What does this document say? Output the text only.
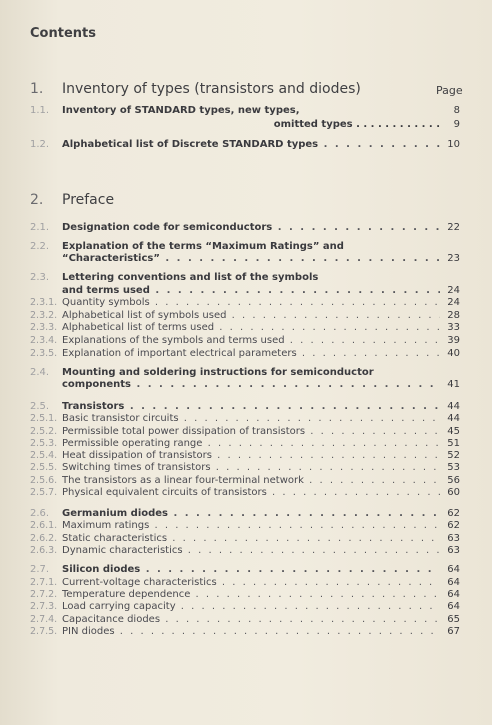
Contents
Page
1. Inventory of types (transistors and diodes)
2. Preface
1.1.	Inventory of STANDARD types, new types,	8
omitted types . . . . . . . . . . . .	9
1.2.	Alphabetical list of Discrete STANDARD types . . .	10
2.1.	Designation code for semiconductors . . .	22
2.2.	Explanation of the terms “Maximum Ratings” and
“Characteristics” . . .	23
2.3.	Lettering conventions and list of the symbols
and terms used . . .	24
2.3.1. Quantity symbols . . .	24
2.3.2. Alphabetical list of symbols used . . .	28
2.3.3. Alphabetical list of terms used . . .	33
2.3.4. Explanations of the symbols and terms used . . .	39
2.3.5. Explanation of important electrical parameters . . .	40
2.4.	Mounting and soldering instructions for semiconductor
components . . .	41
2.5.	Transistors . . .	44
2.5.1. Basic transistor circuits . . .	44
2.5.2. Permissible total power dissipation of transistors . . .	45
2.5.3. Permissible operating range . . .	51
2.5.4. Heat dissipation of transistors . . .	52
2.5.5. Switching times of transistors . . .	53
2.5.6. The transistors as a linear four-terminal network . . .	56
2.5.7. Physical equivalent circuits of transistors . . .	60
2.6.	Germanium diodes . . .	62
2.6.1. Maximum ratings . . .	62
2.6.2. Static characteristics . . .	63
2.6.3. Dynamic characteristics . . .	63
2.7.	Silicon diodes . . .	64
2.7.1. Current-voltage characteristics . . .	64
2.7.2. Temperature dependence . . .	64
2.7.3. Load carrying capacity . . .	64
2.7.4. Capacitance diodes . . .	65
2.7.5. PIN diodes . . .	67
